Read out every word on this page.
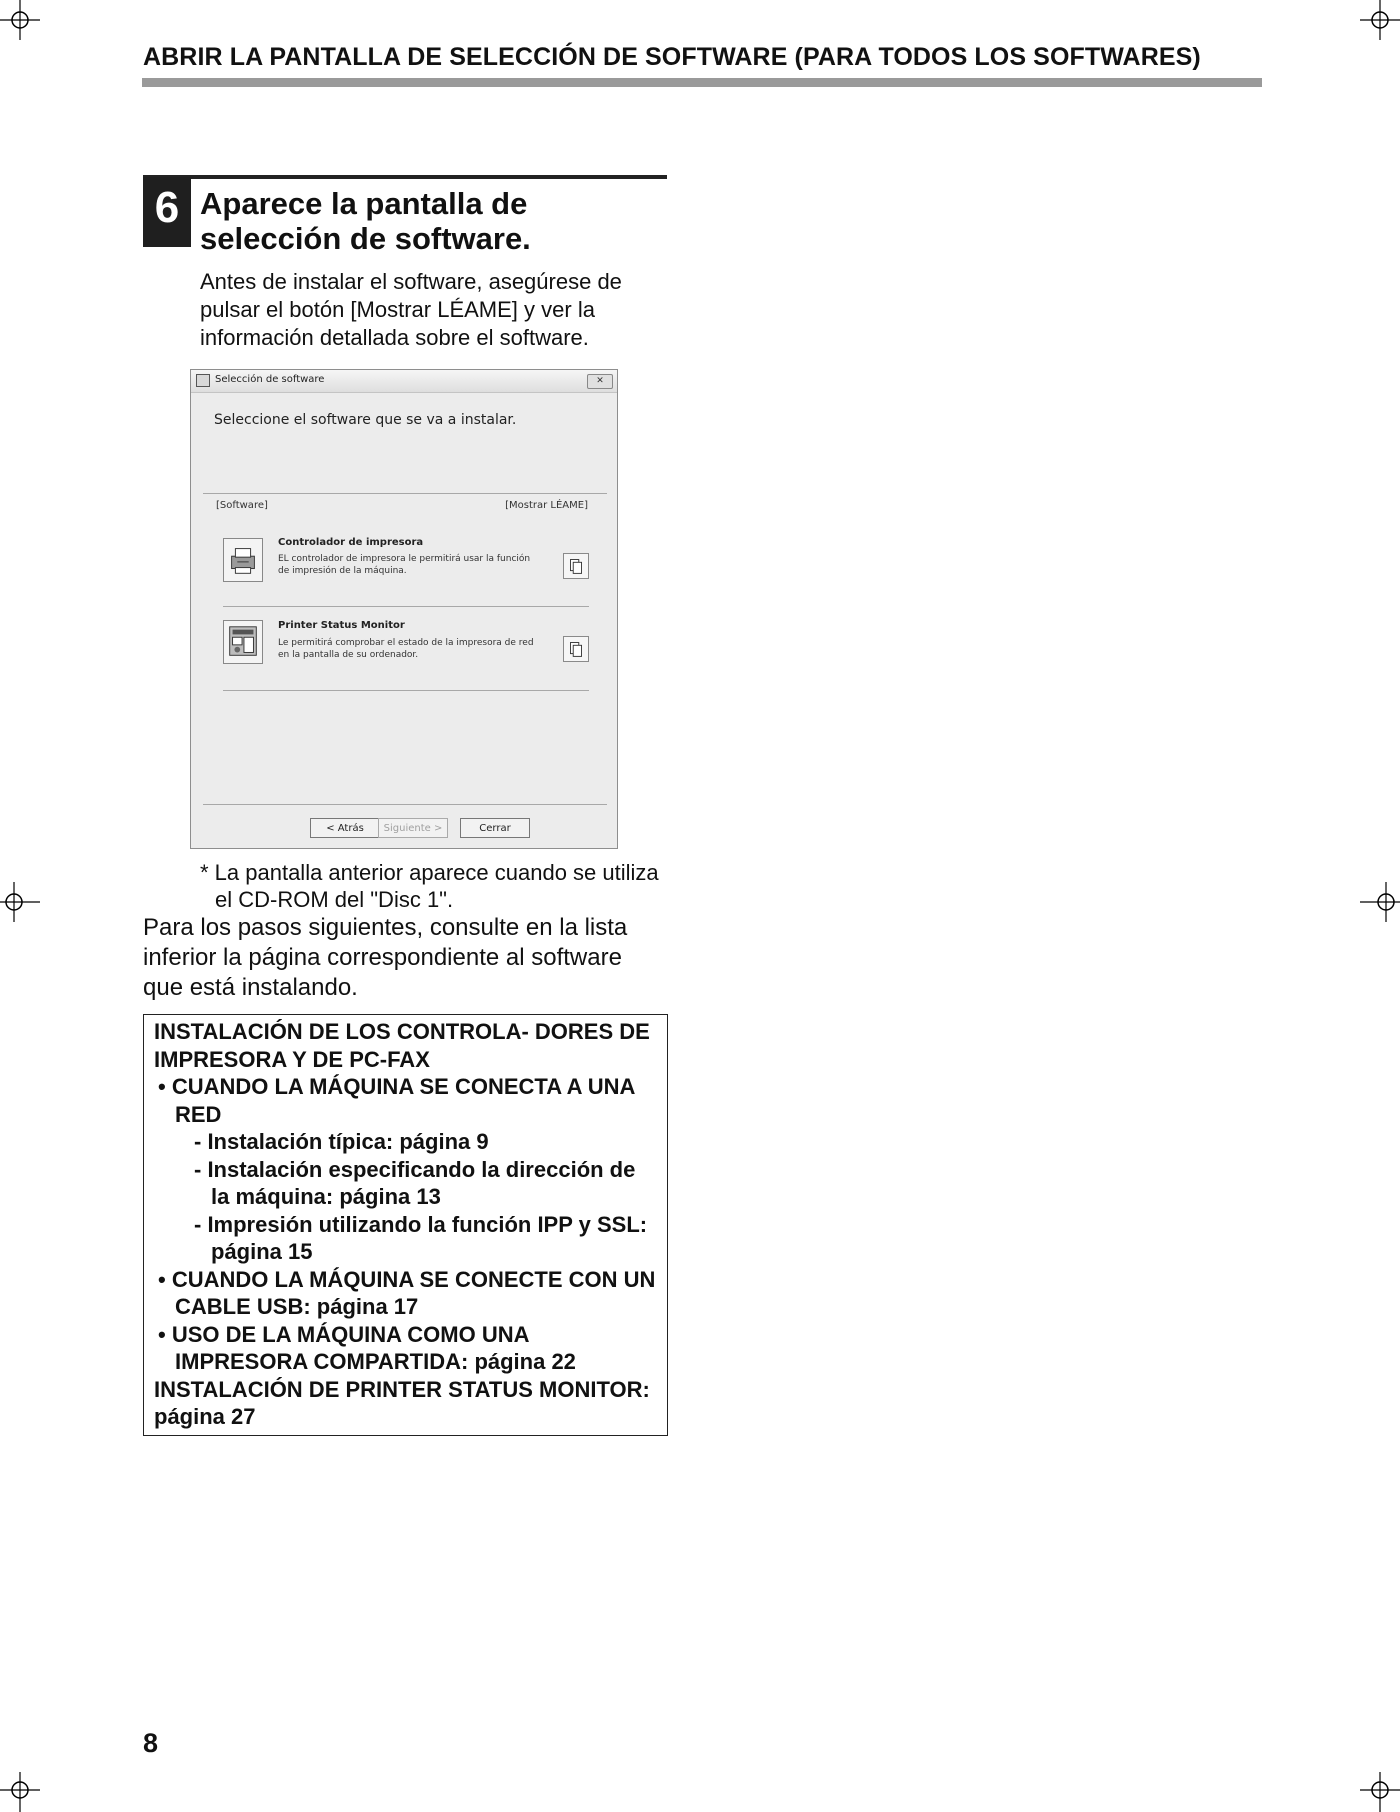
ABRIR LA PANTALLA DE SELECCIÓN DE SOFTWARE (PARA TODOS LOS SOFTWARES)
6 Aparece la pantalla de selección de software.
Antes de instalar el software, asegúrese de pulsar el botón [Mostrar LÉAME] y ver la información detallada sobre el software.
Selección de software	✕
Seleccione el software que se va a instalar.
[Software]	[Mostrar LÉAME]
Controlador de impresora
EL controlador de impresora le permitirá usar la función de impresión de la máquina.
Printer Status Monitor
Le permitirá comprobar el estado de la impresora de red en la pantalla de su ordenador.
< Atrás	Siguiente >	Cerrar
* La pantalla anterior aparece cuando se utiliza el CD-ROM del "Disc 1".
Para los pasos siguientes, consulte en la lista inferior la página correspondiente al software que está instalando.
INSTALACIÓN DE LOS CONTROLA- DORES DE IMPRESORA Y DE PC-FAX
• CUANDO LA MÁQUINA SE CONECTA A UNA RED
- Instalación típica: página 9
- Instalación especificando la dirección de la máquina: página 13
- Impresión utilizando la función IPP y SSL: página 15
• CUANDO LA MÁQUINA SE CONECTE CON UN CABLE USB: página 17
• USO DE LA MÁQUINA COMO UNA IMPRESORA COMPARTIDA: página 22
INSTALACIÓN DE PRINTER STATUS MONITOR: página 27
8
